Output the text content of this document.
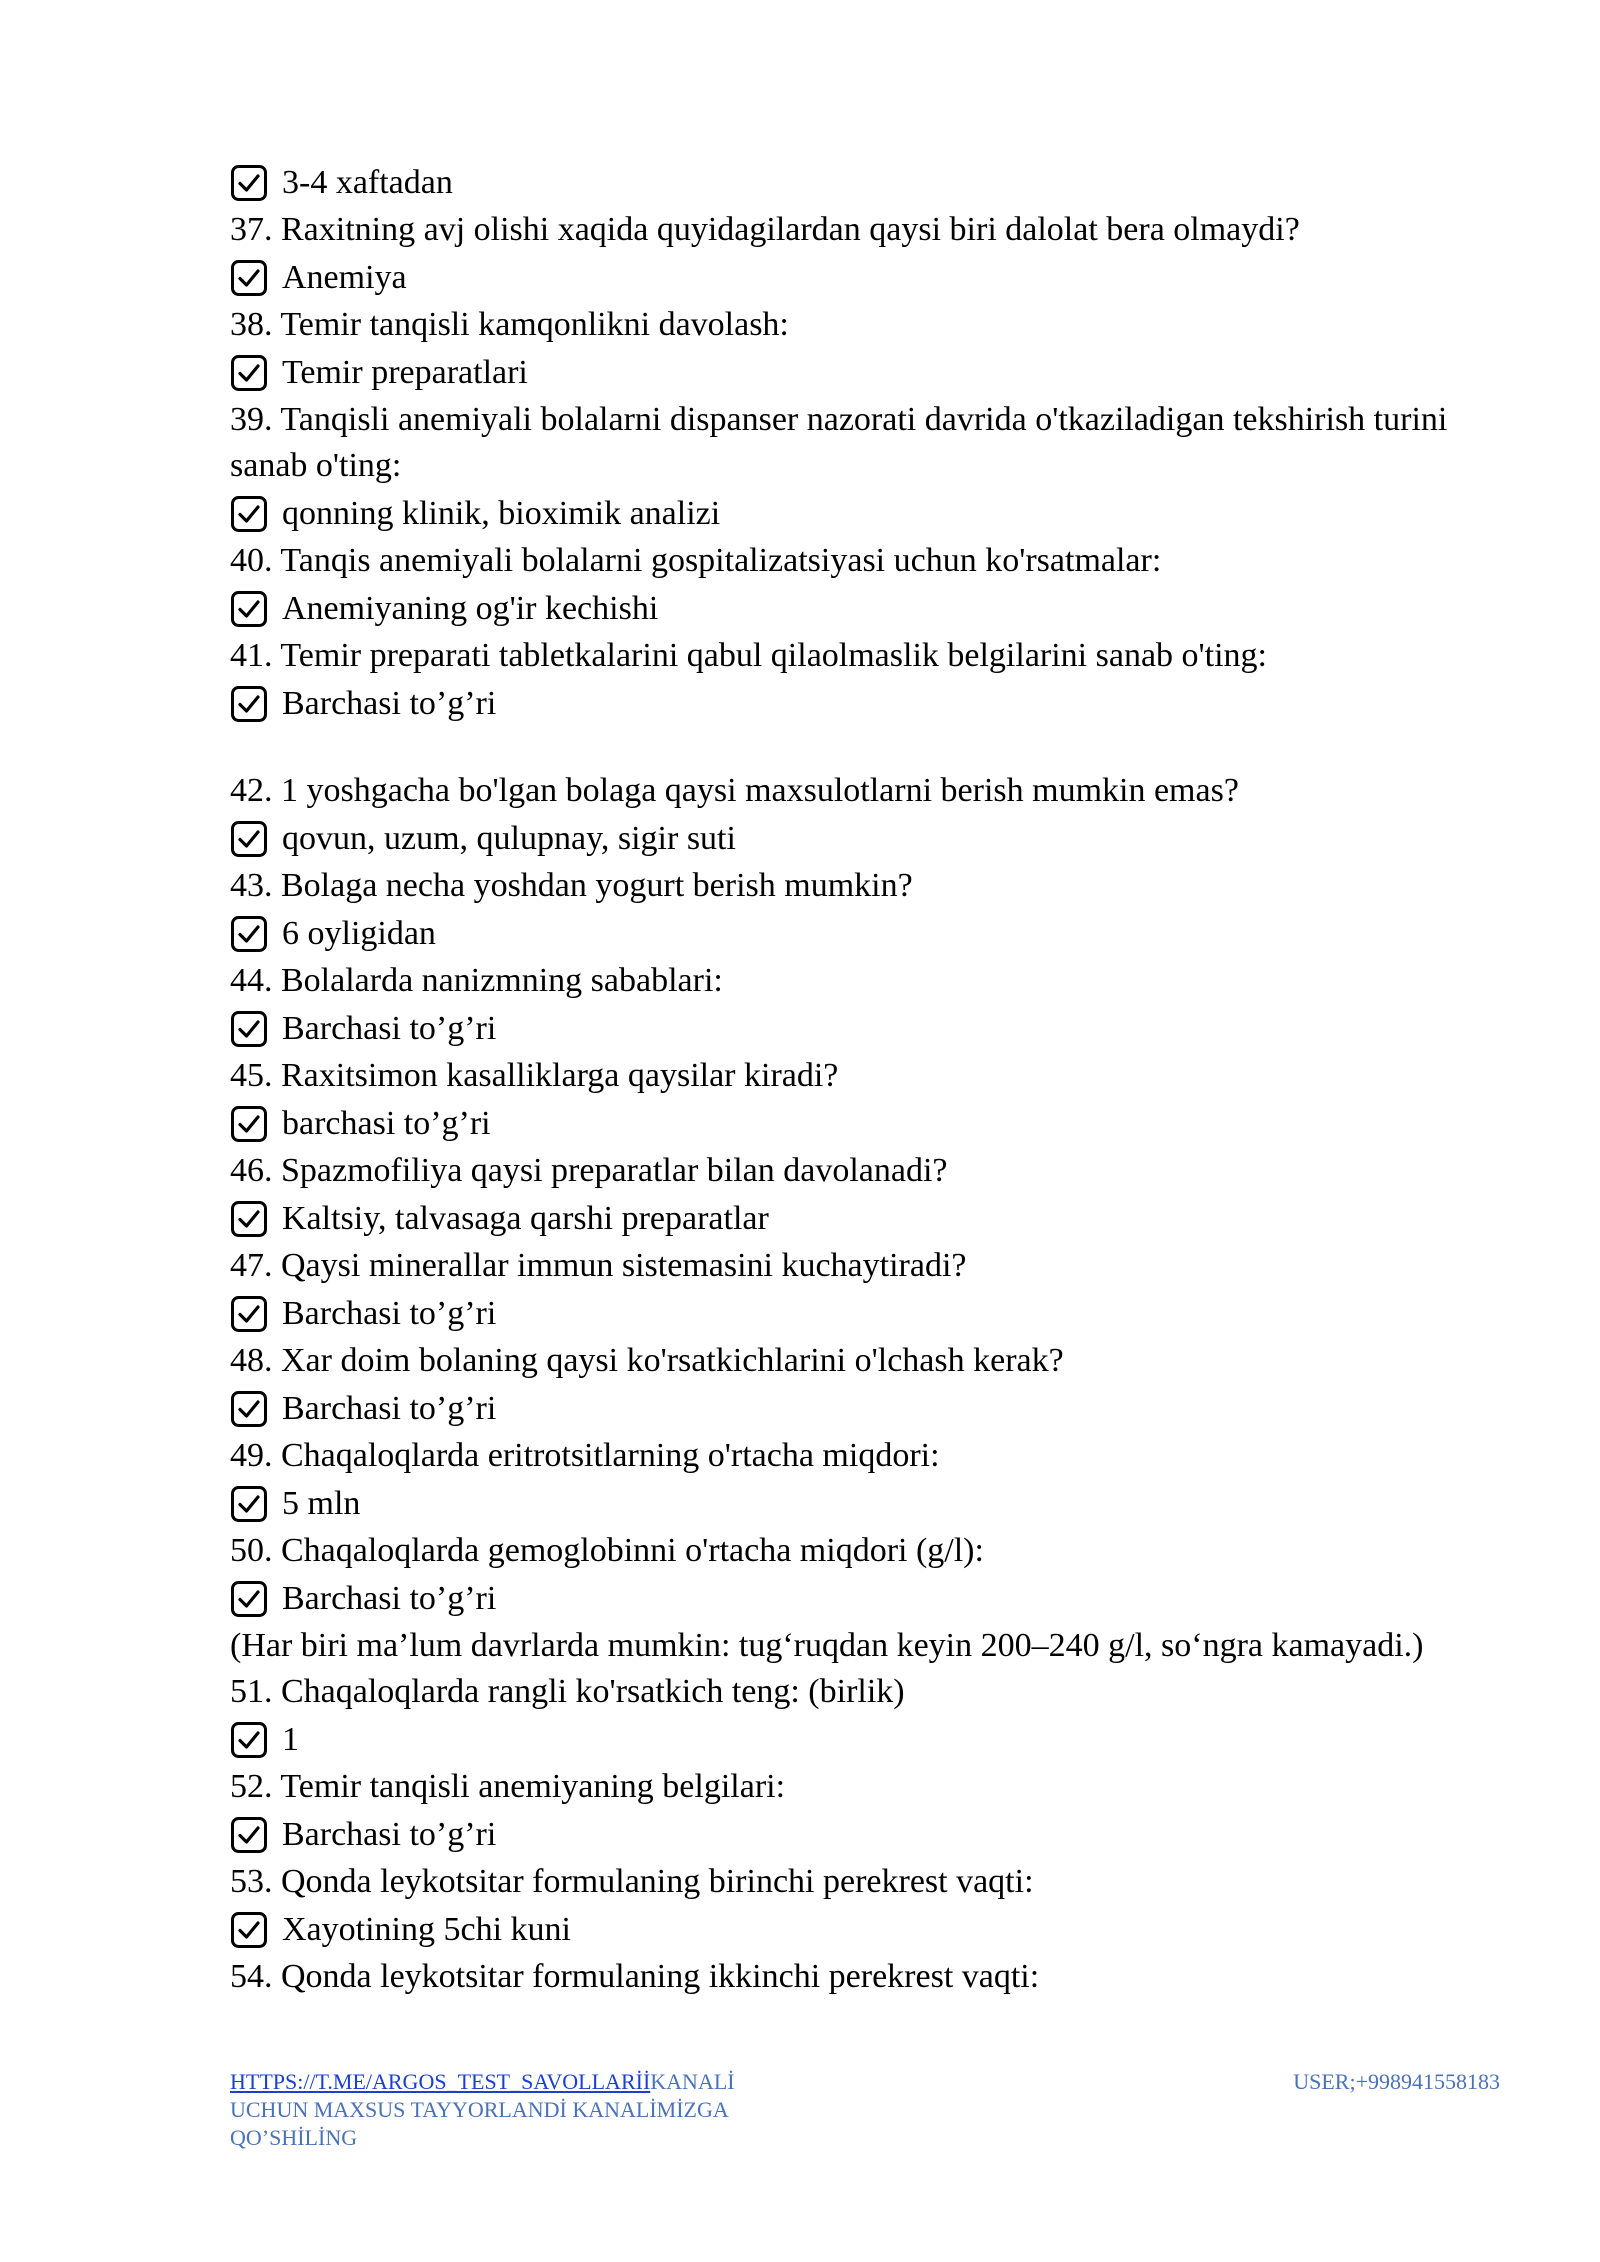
3-4 xaftadan
37. Raxitning avj olishi xaqida quyidagilardan qaysi biri dalolat bera olmaydi?
Anemiya
38. Temir tanqisli kamqonlikni davolash:
Temir preparatlari
39. Tanqisli anemiyali bolalarni dispanser nazorati davrida o'tkaziladigan tekshirish turini sanab o'ting:
qonning klinik, bioximik analizi
40. Tanqis anemiyali bolalarni gospitalizatsiyasi uchun ko'rsatmalar:
Anemiyaning og'ir kechishi
41. Temir preparati tabletkalarini qabul qilaolmaslik belgilarini sanab o'ting:
Barchasi to’g’ri
42. 1 yoshgacha bo'lgan bolaga qaysi maxsulotlarni berish mumkin emas?
qovun, uzum, qulupnay, sigir suti
43. Bolaga necha yoshdan yogurt berish mumkin?
6 oyligidan
44. Bolalarda nanizmning sabablari:
Barchasi to’g’ri
45. Raxitsimon kasalliklarga qaysilar kiradi?
barchasi to’g’ri
46. Spazmofiliya qaysi preparatlar bilan davolanadi?
Kaltsiy, talvasaga qarshi preparatlar
47. Qaysi minerallar immun sistemasini kuchaytiradi?
Barchasi to’g’ri
48. Xar doim bolaning qaysi ko'rsatkichlarini o'lchash kerak?
Barchasi to’g’ri
49. Chaqaloqlarda eritrotsitlarning o'rtacha miqdori:
5 mln
50. Chaqaloqlarda gemoglobinni o'rtacha miqdori (g/l):
Barchasi to’g’ri
(Har biri ma’lum davrlarda mumkin: tug‘ruqdan keyin 200–240 g/l, so‘ngra kamayadi.)
51. Chaqaloqlarda rangli ko'rsatkich teng: (birlik)
1
52. Temir tanqisli anemiyaning belgilari:
Barchasi to’g’ri
53. Qonda leykotsitar formulaning birinchi perekrest vaqti:
Xayotining 5chi kuni
54. Qonda leykotsitar formulaning ikkinchi perekrest vaqti:
HTTPS://T.ME/ARGOS_TEST_SAVOLLARİİKANALİ
UCHUN MAXSUS TAYYORLANDİ KANALİMİZGA
QO’SHİLİNG
USER;+998941558183
